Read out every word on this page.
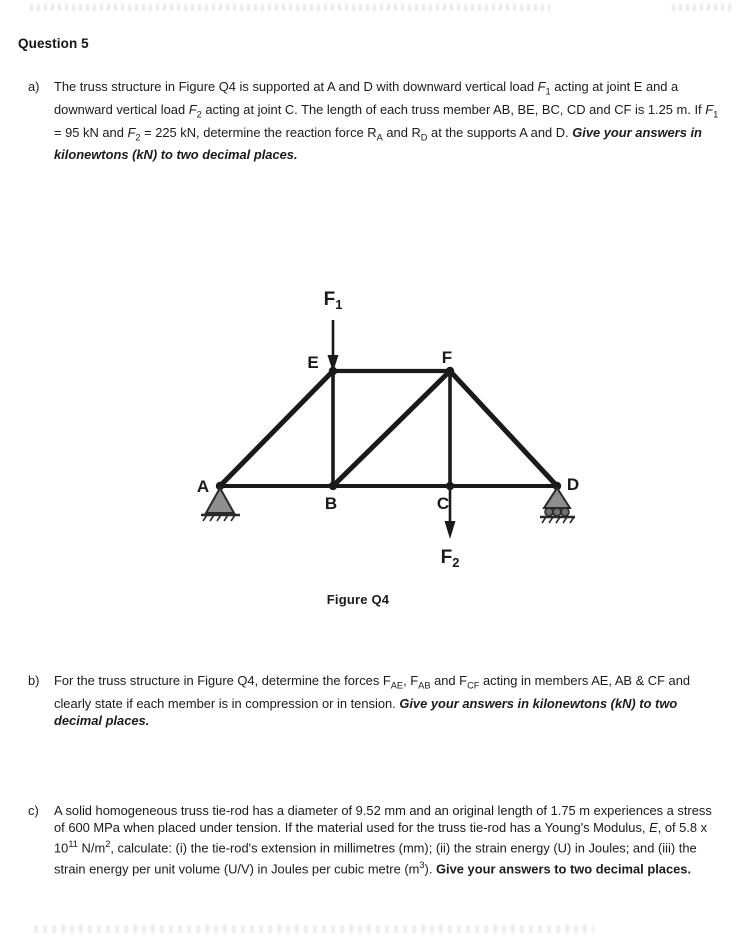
Question 5
a)	The truss structure in Figure Q4 is supported at A and D with downward vertical load $F_1$ acting at joint E and a downward vertical load $F_2$ acting at joint C. The length of each truss member AB, BE, BC, CD and CF is 1.25 m. If $F_1 = 95$ kN and $F_2 = 225$ kN, determine the reaction force $R_A$ and $R_D$ at the supports A and D. Give your answers in kilonewtons (kN) to two decimal places.
A
B	C
D
E	F
$F_1$
$F_2$
Figure Q4
b)	For the truss structure in Figure Q4, determine the forces $F_{AE}$, $F_{AB}$ and $F_{CF}$ acting in members AE, AB & CF and clearly state if each member is in compression or in tension. Give your answers in kilonewtons (kN) to two decimal places.
c)	A solid homogeneous truss tie-rod has a diameter of 9.52 mm and an original length of 1.75 m experiences a stress of 600 MPa when placed under tension. If the material used for the truss tie-rod has a Young's Modulus, E, of 5.8 x $10^{11}$ $N/m^2$, calculate: (i) the tie-rod's extension in millimetres (mm); (ii) the strain energy (U) in Joules; and (iii) the strain energy per unit volume (U/V) in Joules per cubic metre $(m^3)$. Give your answers to two decimal places.
